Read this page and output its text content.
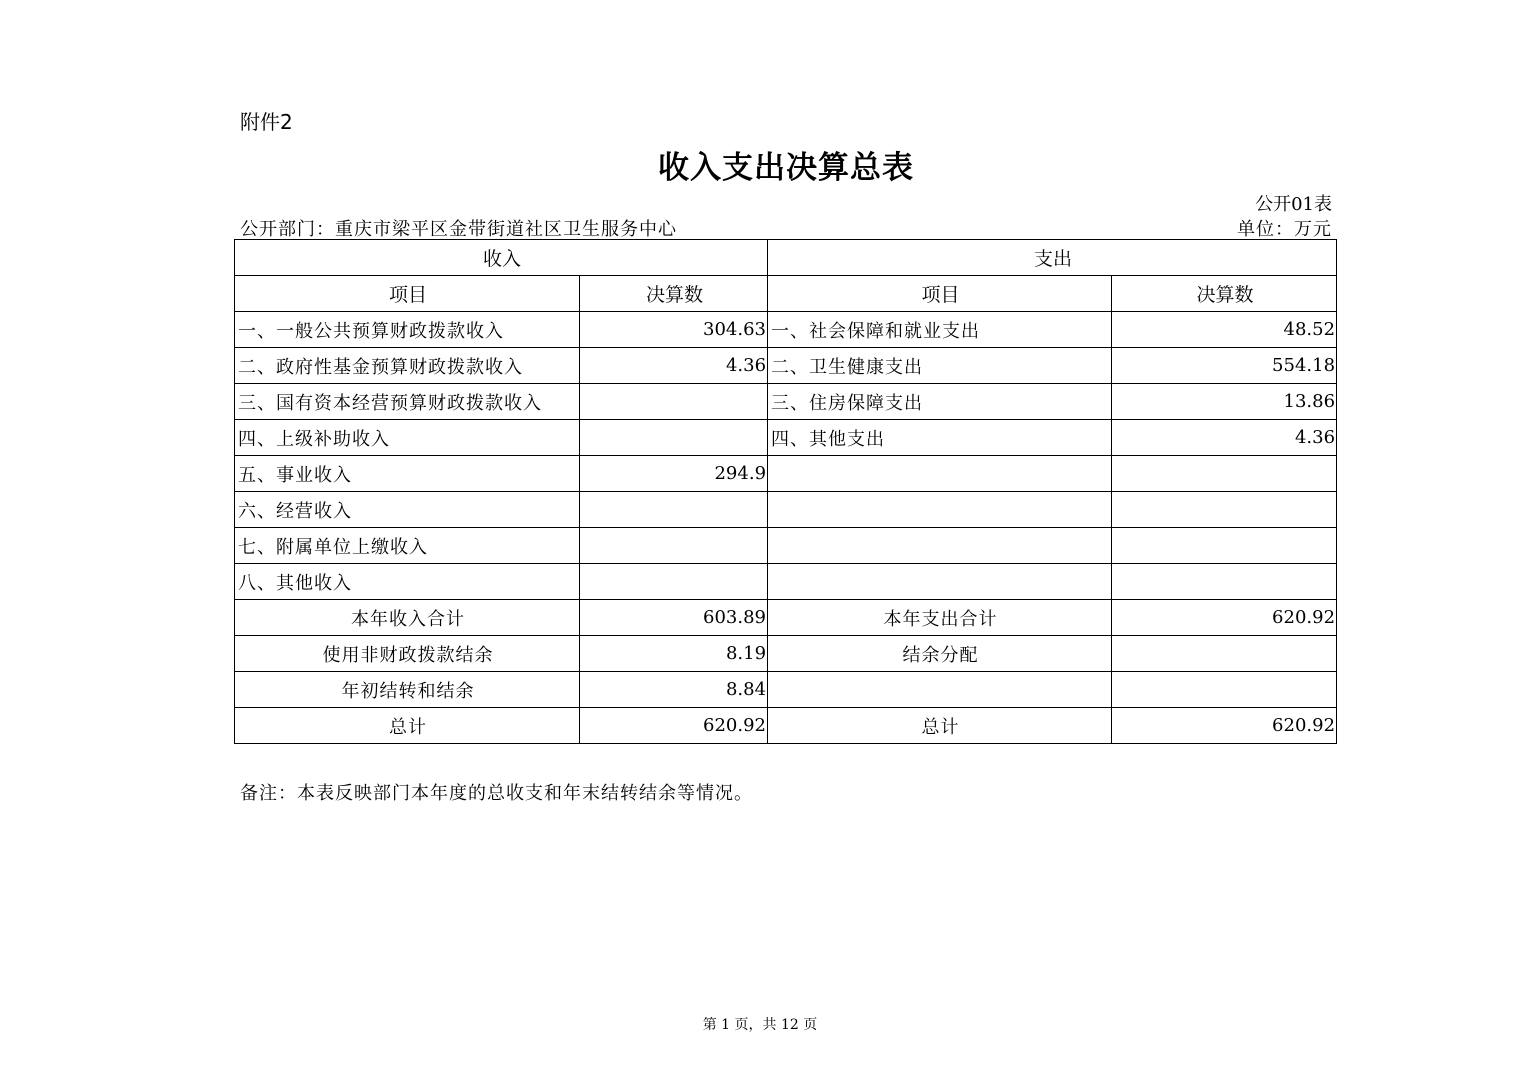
附件2
收入支出决算总表
公开01表
公开部门：重庆市梁平区金带街道社区卫生服务中心	单位：万元
收入		支出	
项目	决算数	项目	决算数
一、一般公共预算财政拨款收入	304.63	一、社会保障和就业支出	48.52
二、政府性基金预算财政拨款收入	4.36	二、卫生健康支出	554.18
三、国有资本经营预算财政拨款收入		三、住房保障支出	13.86
四、上级补助收入		四、其他支出	4.36
五、事业收入	294.9		
六、经营收入			
七、附属单位上缴收入			
八、其他收入			
本年收入合计	603.89	本年支出合计	620.92
使用非财政拨款结余	8.19	结余分配	
年初结转和结余	8.84		
总计	620.92	总计	620.92
备注：本表反映部门本年度的总收支和年末结转结余等情况。
第 1 页，共 12 页
